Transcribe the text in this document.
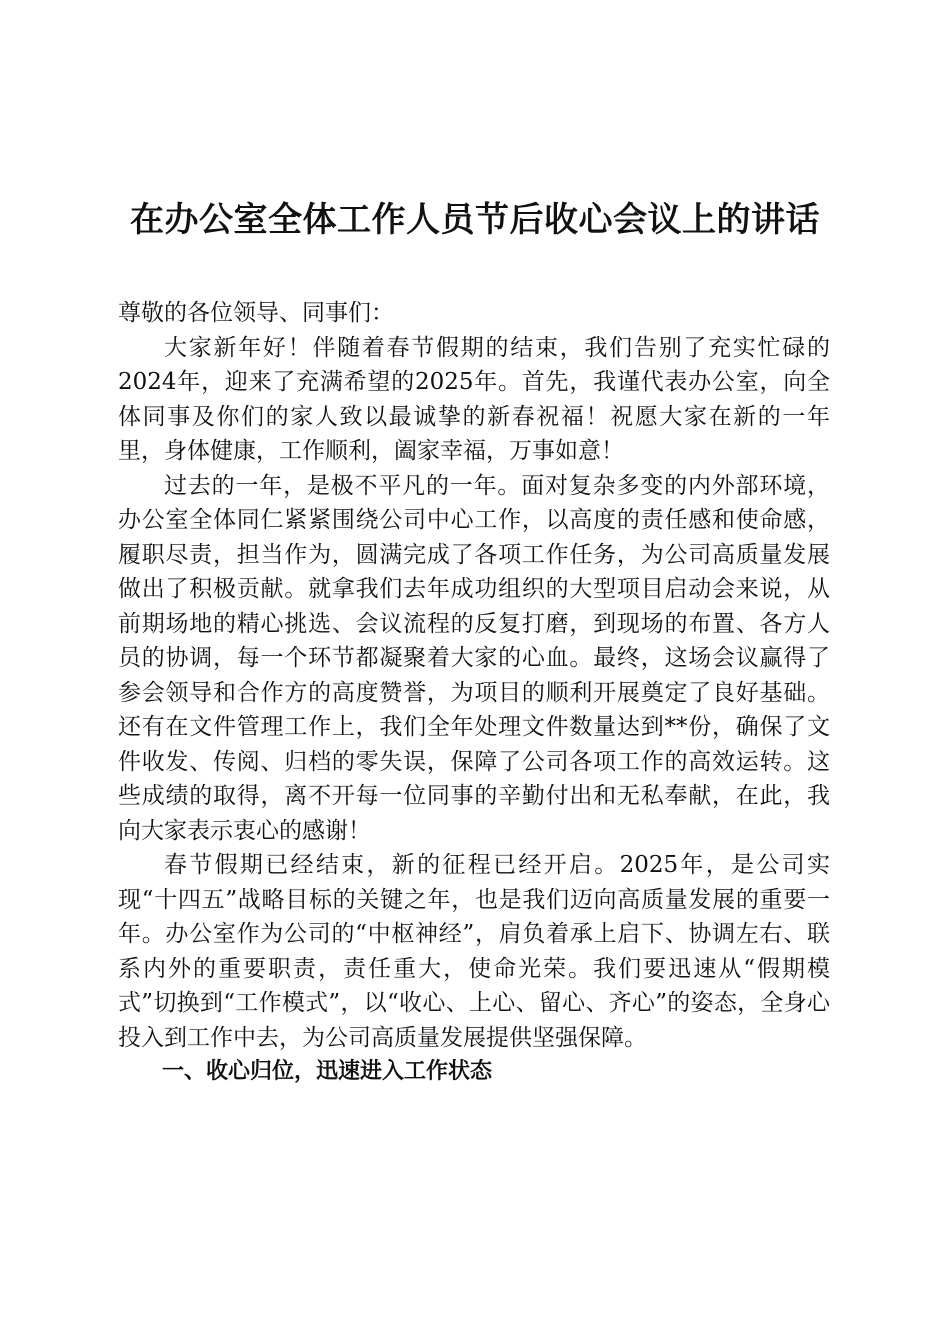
在办公室全体工作人员节后收心会议上的讲话

尊敬的各位领导、同事们：

大家新年好！伴随着春节假期的结束，我们告别了充实忙碌的2024年，迎来了充满希望的2025年。首先，我谨代表办公室，向全体同事及你们的家人致以最诚挚的新春祝福！祝愿大家在新的一年里，身体健康，工作顺利，阖家幸福，万事如意！

过去的一年，是极不平凡的一年。面对复杂多变的内外部环境，办公室全体同仁紧紧围绕公司中心工作，以高度的责任感和使命感，履职尽责，担当作为，圆满完成了各项工作任务，为公司高质量发展做出了积极贡献。就拿我们去年成功组织的大型项目启动会来说，从前期场地的精心挑选、会议流程的反复打磨，到现场的布置、各方人员的协调，每一个环节都凝聚着大家的心血。最终，这场会议赢得了参会领导和合作方的高度赞誉，为项目的顺利开展奠定了良好基础。还有在文件管理工作上，我们全年处理文件数量达到**份，确保了文件收发、传阅、归档的零失误，保障了公司各项工作的高效运转。这些成绩的取得，离不开每一位同事的辛勤付出和无私奉献，在此，我向大家表示衷心的感谢！

春节假期已经结束，新的征程已经开启。2025年，是公司实现“十四五”战略目标的关键之年，也是我们迈向高质量发展的重要一年。办公室作为公司的“中枢神经”，肩负着承上启下、协调左右、联系内外的重要职责，责任重大，使命光荣。我们要迅速从“假期模式”切换到“工作模式”，以“收心、上心、留心、齐心”的姿态，全身心投入到工作中去，为公司高质量发展提供坚强保障。

一、收心归位，迅速进入工作状态
